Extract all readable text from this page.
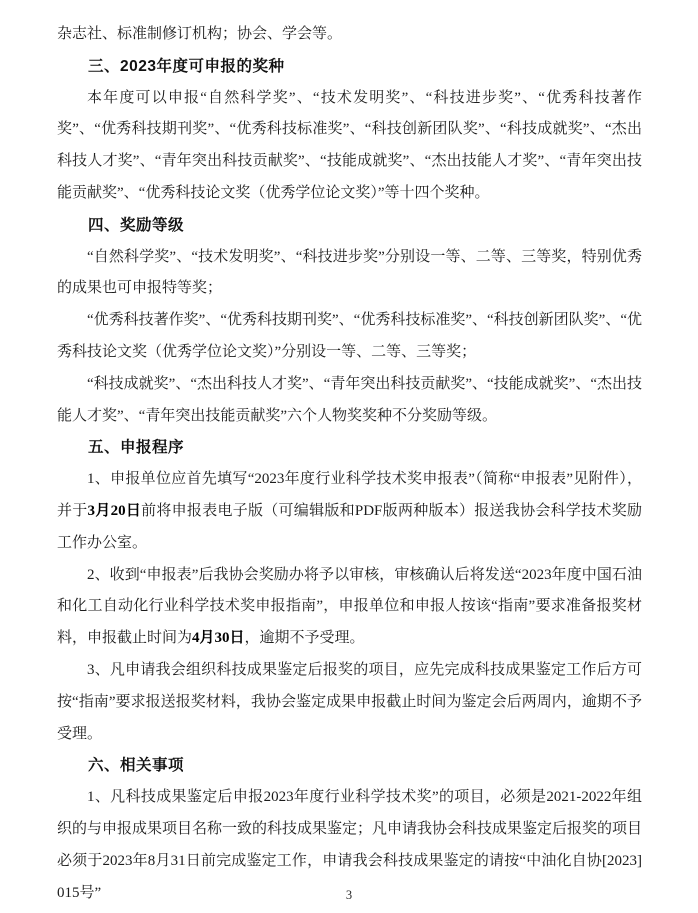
杂志社、标准制修订机构；协会、学会等。

三、2023年度可申报的奖种

本年度可以申报“自然科学奖”、“技术发明奖”、“科技进步奖”、“优秀科技著作奖”、“优秀科技期刊奖”、“优秀科技标准奖”、“科技创新团队奖”、“科技成就奖”、“杰出科技人才奖”、“青年突出科技贡献奖”、“技能成就奖”、“杰出技能人才奖”、“青年突出技能贡献奖”、“优秀科技论文奖（优秀学位论文奖）”等十四个奖种。

四、奖励等级

“自然科学奖”、“技术发明奖”、“科技进步奖”分别设一等、二等、三等奖，特别优秀的成果也可申报特等奖；

“优秀科技著作奖”、“优秀科技期刊奖”、“优秀科技标准奖”、“科技创新团队奖”、“优秀科技论文奖（优秀学位论文奖）”分别设一等、二等、三等奖；

“科技成就奖”、“杰出科技人才奖”、“青年突出科技贡献奖”、“技能成就奖”、“杰出技能人才奖”、“青年突出技能贡献奖”六个人物奖奖种不分奖励等级。

五、申报程序

1、申报单位应首先填写“2023年度行业科学技术奖申报表”（简称“申报表”见附件），并于3月20日前将申报表电子版（可编辑版和PDF版两种版本）报送我协会科学技术奖励工作办公室。

2、收到“申报表”后我协会奖励办将予以审核，审核确认后将发送“2023年度中国石油和化工自动化行业科学技术奖申报指南”，申报单位和申报人按该“指南”要求准备报奖材料，申报截止时间为4月30日，逾期不予受理。

3、凡申请我会组织科技成果鉴定后报奖的项目，应先完成科技成果鉴定工作后方可按“指南”要求报送报奖材料，我协会鉴定成果申报截止时间为鉴定会后两周内，逾期不予受理。

六、相关事项

1、凡科技成果鉴定后申报2023年度行业科学技术奖”的项目，必须是2021-2022年组织的与申报成果项目名称一致的科技成果鉴定；凡申请我协会科技成果鉴定后报奖的项目必须于2023年8月31日前完成鉴定工作，申请我会科技成果鉴定的请按“中油化自协[2023]015号”	3
